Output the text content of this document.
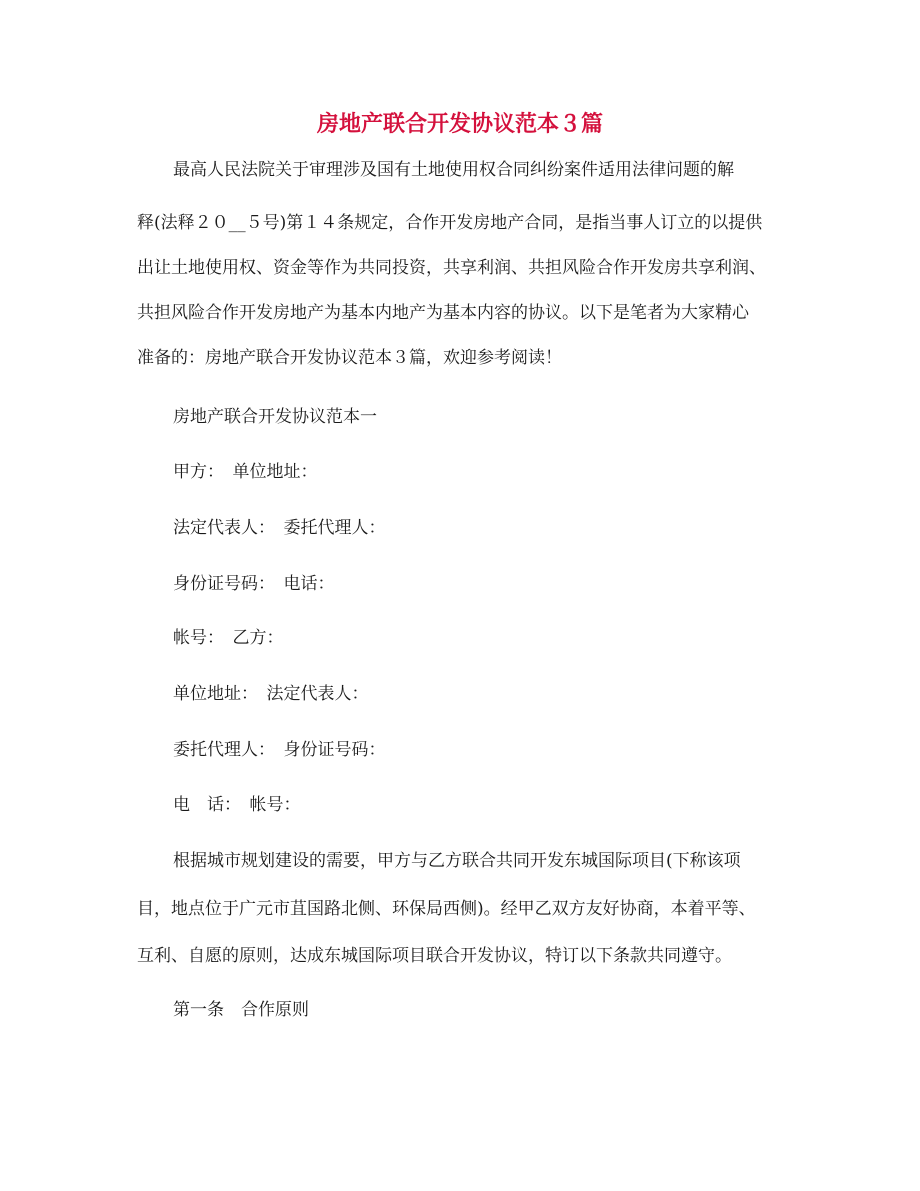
房地产联合开发协议范本３篇
最高人民法院关于审理涉及国有土地使用权合同纠纷案件适用法律问题的解
释(法释２０__５号)第１４条规定，合作开发房地产合同，是指当事人订立的以提供
出让土地使用权、资金等作为共同投资，共享利润、共担风险合作开发房共享利润、
共担风险合作开发房地产为基本内地产为基本内容的协议。以下是笔者为大家精心
准备的：房地产联合开发协议范本３篇，欢迎参考阅读！
房地产联合开发协议范本一
甲方：　单位地址：
法定代表人：　委托代理人：
身份证号码：　电话：
帐号：　乙方：
单位地址：　法定代表人：
委托代理人：　身份证号码：
电　话：　帐号：
根据城市规划建设的需要，甲方与乙方联合共同开发东城国际项目(下称该项
目，地点位于广元市苴国路北侧、环保局西侧)。经甲乙双方友好协商，本着平等、
互利、自愿的原则，达成东城国际项目联合开发协议，特订以下条款共同遵守。
第一条　合作原则
